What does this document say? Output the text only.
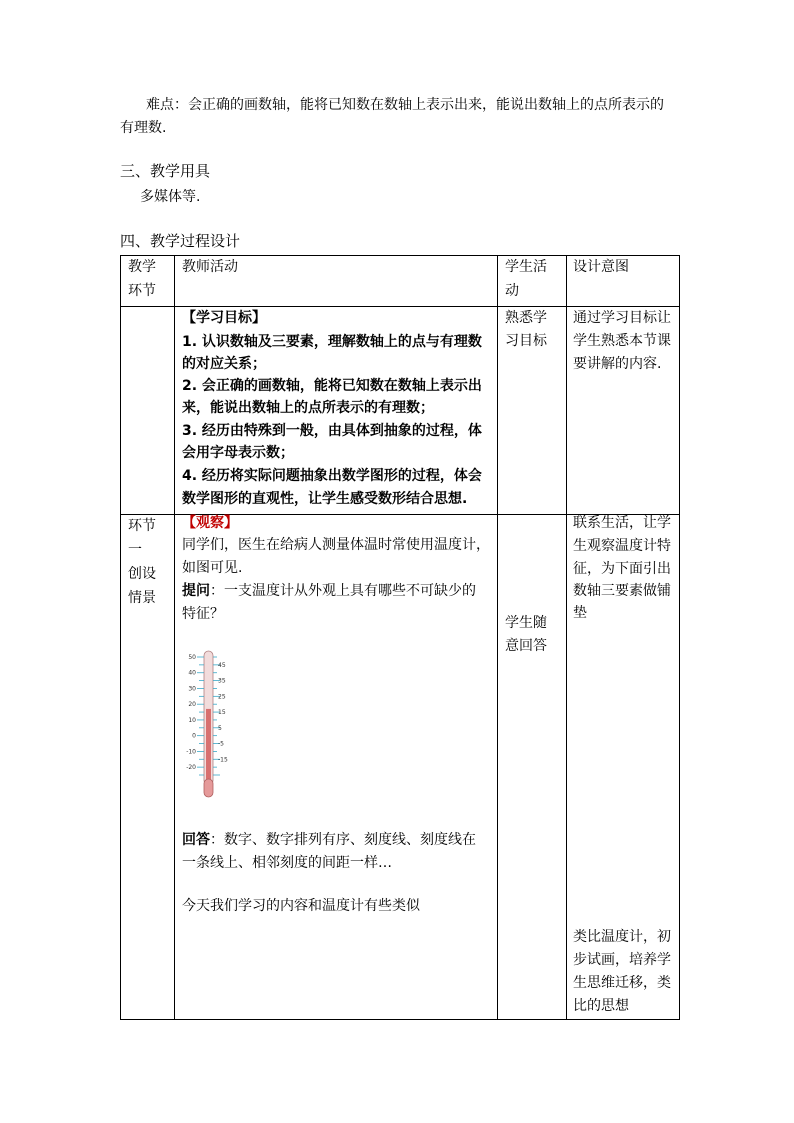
难点：会正确的画数轴，能将已知数在数轴上表示出来，能说出数轴上的点所表示的
有理数.
三、教学用具
多媒体等.
四、教学过程设计
教学
环节
教师活动	学生活
动
设计意图
【学习目标】
1. 认识数轴及三要素，理解数轴上的点与有理数
的对应关系；
2. 会正确的画数轴，能将已知数在数轴上表示出
来，能说出数轴上的点所表示的有理数；
3. 经历由特殊到一般，由具体到抽象的过程，体
会用字母表示数；
4. 经历将实际问题抽象出数学图形的过程，体会
数学图形的直观性，让学生感受数形结合思想.
熟悉学
习目标
通过学习目标让
学生熟悉本节课
要讲解的内容.
环节
一
创设
情景
【观察】
同学们，医生在给病人测量体温时常使用温度计，
如图可见.
提问：一支温度计从外观上具有哪些不可缺少的
特征？
50
40
30
20
10
0
-10
-20
45
35
25
15
5
-5
-15
回答：数字、数字排列有序、刻度线、刻度线在
一条线上、相邻刻度的间距一样…
今天我们学习的内容和温度计有些类似
学生随
意回答
联系生活，让学
生观察温度计特
征，为下面引出
数轴三要素做铺
垫
类比温度计，初
步试画，培养学
生思维迁移，类
比的思想
